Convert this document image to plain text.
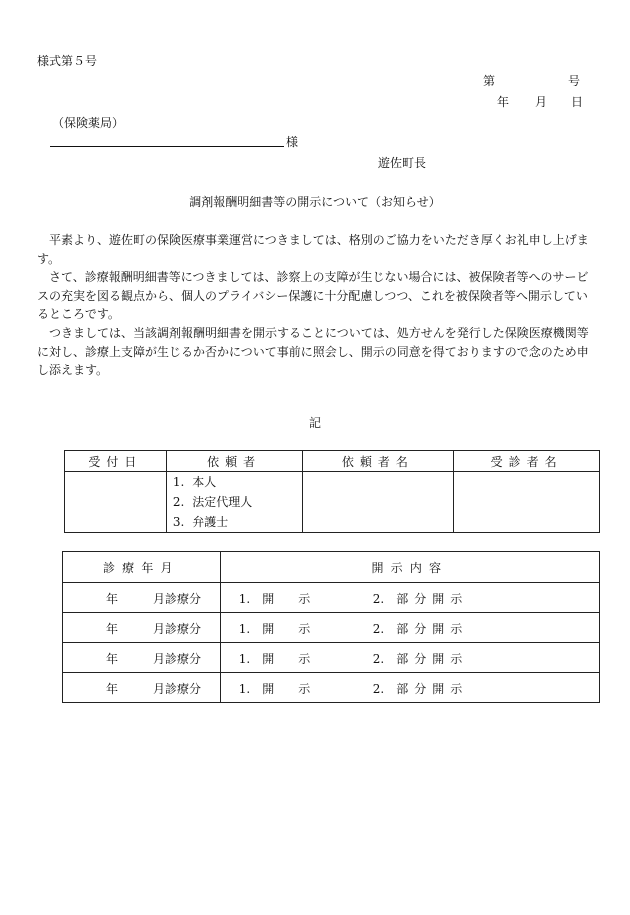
様式第５号
第	号
年 月 日
（保険薬局）
様
遊佐町長
調剤報酬明細書等の開示について（お知らせ）

平素より、遊佐町の保険医療事業運営につきましては、格別のご協力をいただき厚くお礼申し上げます。

さて、診療報酬明細書等につきましては、診察上の支障が生じない場合には、被保険者等へのサービスの充実を図る観点から、個人のプライバシー保護に十分配慮しつつ、これを被保険者等へ開示しているところです。

つきましては、当該調剤報酬明細書を開示することについては、処方せんを発行した保険医療機関等に対し、診療上支障が生じるか否かについて事前に照会し、開示の同意を得ておりますので念のため申し添えます。

記
受付日	依頼者	依頼者名	受診者名

	1. 本人
2. 法定代理人
3. 弁護士		

診療年月	開示内容

年 月診療分	1.　 開　　示 2.　 部分開示

年 月診療分	1.　 開　　示 2.　 部分開示

年 月診療分	1.　 開　　示 2.　 部分開示

年 月診療分	1.　 開　　示 2.　 部分開示
